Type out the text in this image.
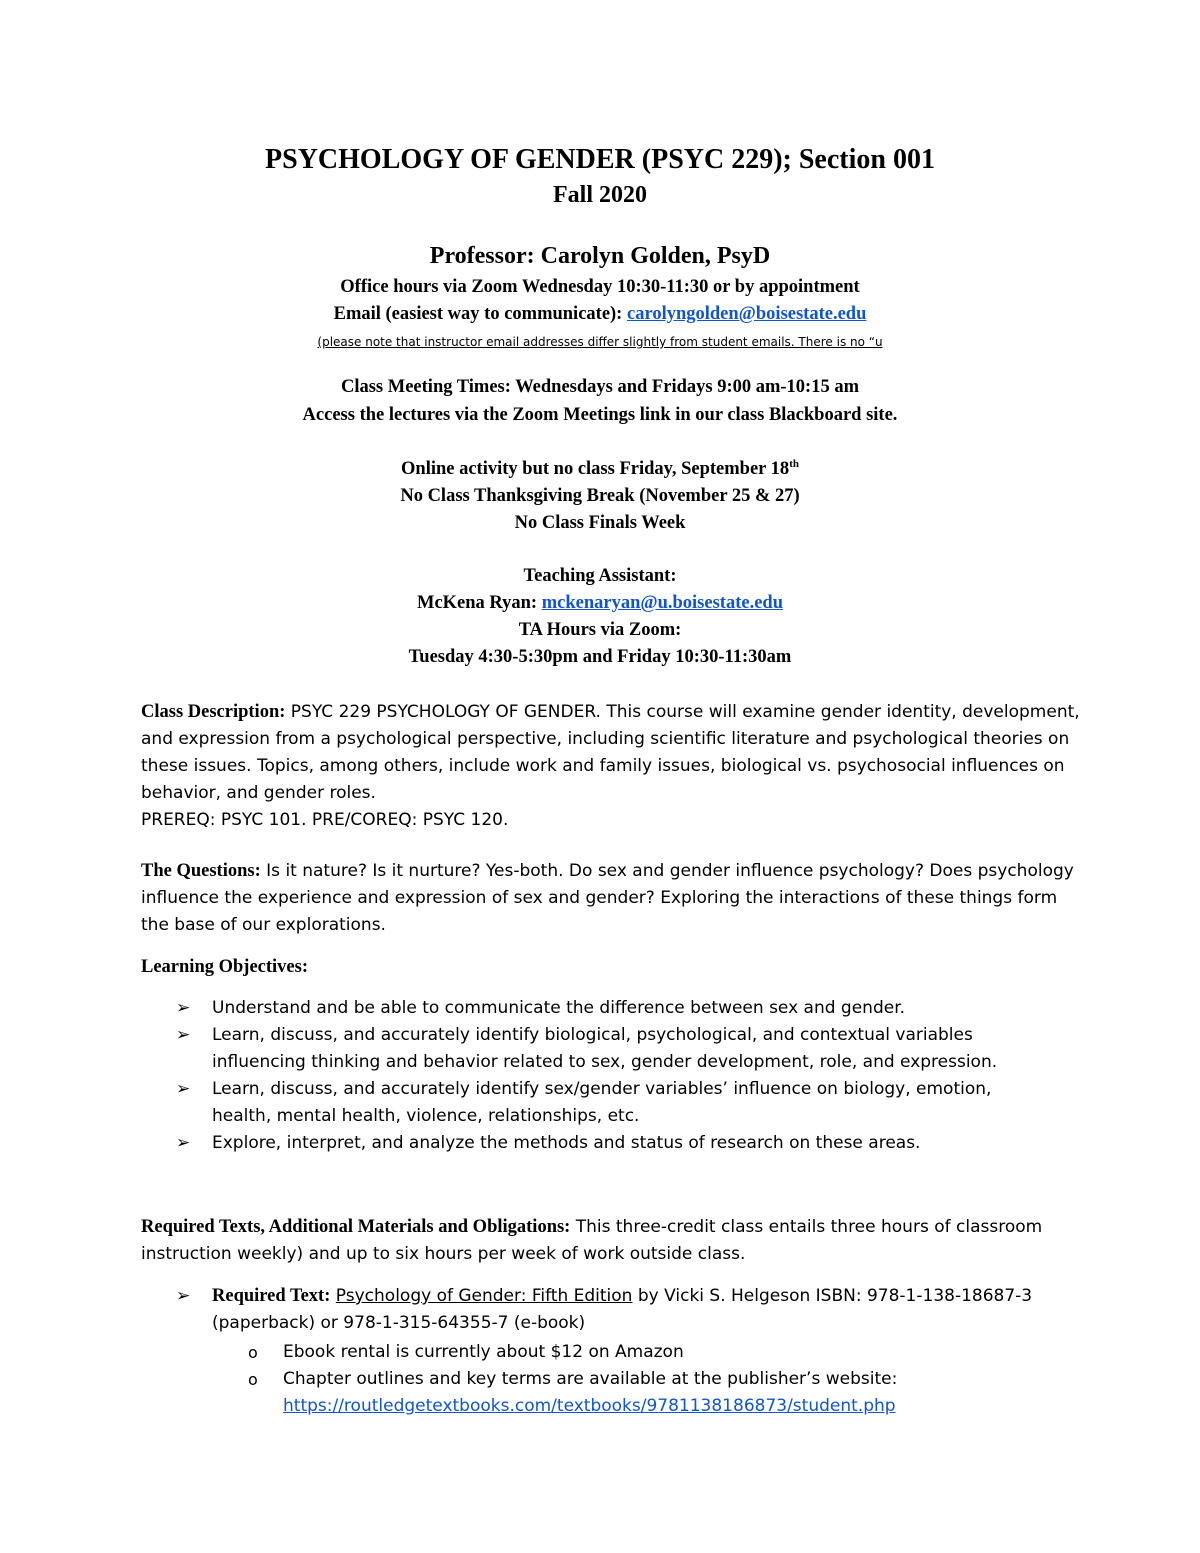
PSYCHOLOGY OF GENDER (PSYC 229); Section 001
Fall 2020
Professor: Carolyn Golden, PsyD
Office hours via Zoom Wednesday 10:30-11:30 or by appointment
Email (easiest way to communicate): carolyngolden@boisestate.edu
(please note that instructor email addresses differ slightly from student emails. There is no “u
Class Meeting Times: Wednesdays and Fridays 9:00 am-10:15 am
Access the lectures via the Zoom Meetings link in our class Blackboard site.
Online activity but no class Friday, September 18th
No Class Thanksgiving Break (November 25 & 27)
No Class Finals Week
Teaching Assistant:
McKena Ryan: mckenaryan@u.boisestate.edu
TA Hours via Zoom:
Tuesday 4:30-5:30pm and Friday 10:30-11:30am
Class Description: PSYC 229 PSYCHOLOGY OF GENDER. This course will examine gender identity, development, and expression from a psychological perspective, including scientific literature and psychological theories on these issues. Topics, among others, include work and family issues, biological vs. psychosocial influences on behavior, and gender roles.
PREREQ: PSYC 101. PRE/COREQ: PSYC 120.
The Questions: Is it nature? Is it nurture? Yes-both. Do sex and gender influence psychology? Does psychology influence the experience and expression of sex and gender? Exploring the interactions of these things form the base of our explorations.
Learning Objectives:
➢ Understand and be able to communicate the difference between sex and gender.
➢ Learn, discuss, and accurately identify biological, psychological, and contextual variables influencing thinking and behavior related to sex, gender development, role, and expression.
➢ Learn, discuss, and accurately identify sex/gender variables’ influence on biology, emotion, health, mental health, violence, relationships, etc.
➢ Explore, interpret, and analyze the methods and status of research on these areas.
Required Texts, Additional Materials and Obligations: This three-credit class entails three hours of classroom instruction weekly) and up to six hours per week of work outside class.
➢ Required Text: Psychology of Gender: Fifth Edition by Vicki S. Helgeson ISBN: 978-1-138-18687-3 (paperback) or 978-1-315-64355-7 (e-book)
o Ebook rental is currently about $12 on Amazon
o Chapter outlines and key terms are available at the publisher’s website:
https://routledgetextbooks.com/textbooks/9781138186873/student.php
